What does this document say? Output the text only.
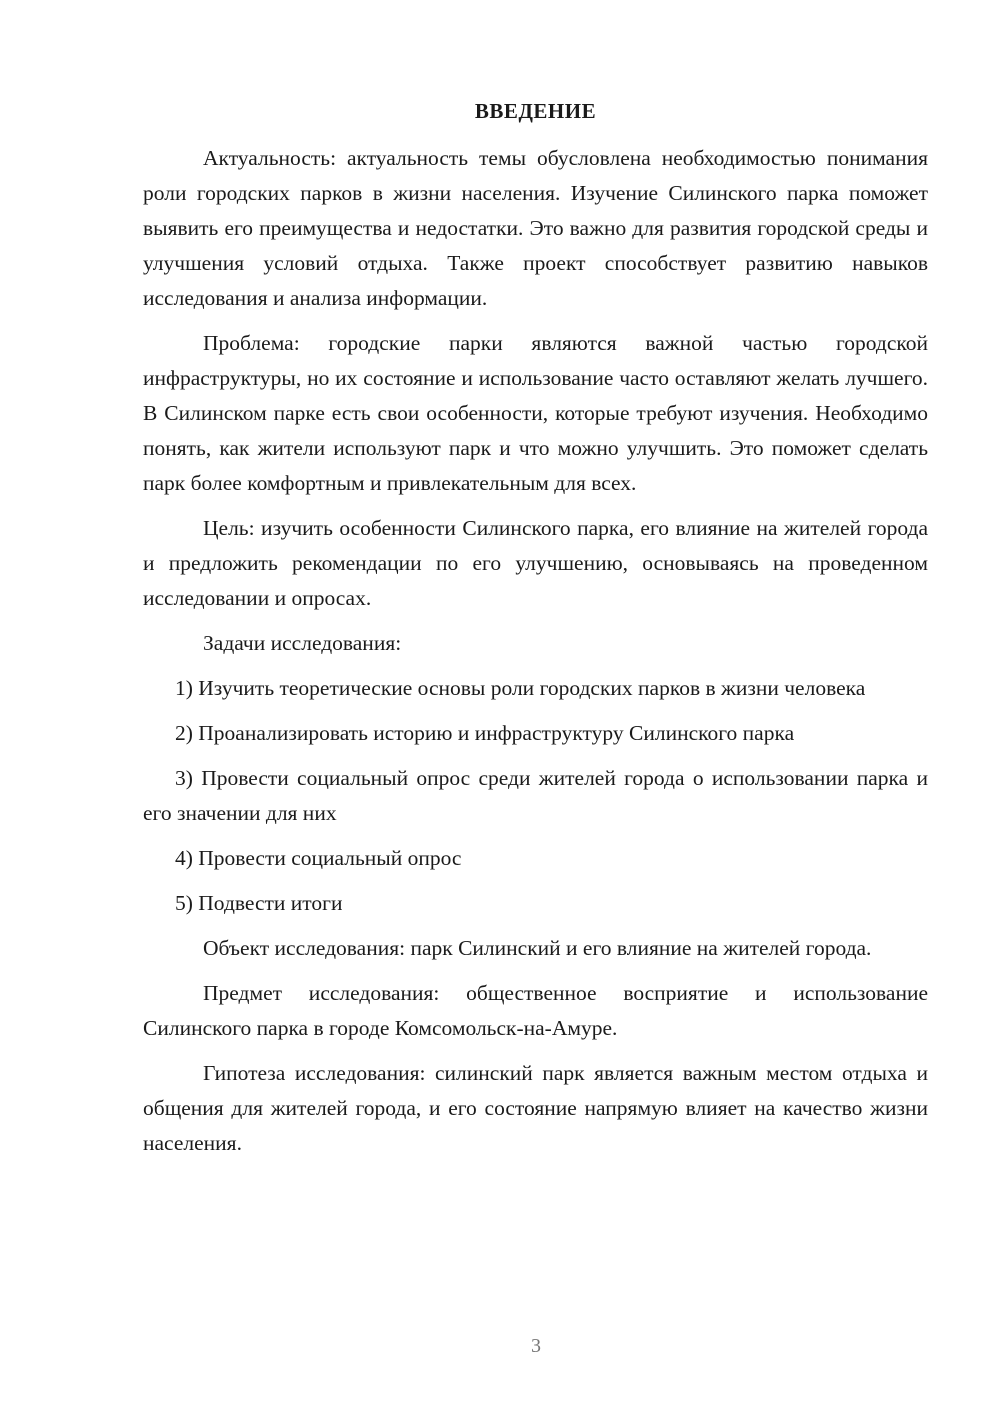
ВВЕДЕНИЕ

Актуальность: актуальность темы обусловлена необходимостью понимания роли городских парков в жизни населения. Изучение Силинского парка поможет выявить его преимущества и недостатки. Это важно для развития городской среды и улучшения условий отдыха. Также проект способствует развитию навыков исследования и анализа информации.

Проблема: городские парки являются важной частью городской инфраструктуры, но их состояние и использование часто оставляют желать лучшего. В Силинском парке есть свои особенности, которые требуют изучения. Необходимо понять, как жители используют парк и что можно улучшить. Это поможет сделать парк более комфортным и привлекательным для всех.

Цель: изучить особенности Силинского парка, его влияние на жителей города и предложить рекомендации по его улучшению, основываясь на проведенном исследовании и опросах.

Задачи исследования:

1) Изучить теоретические основы роли городских парков в жизни человека

2) Проанализировать историю и инфраструктуру Силинского парка

3) Провести социальный опрос среди жителей города о использовании парка и его значении для них

4) Провести социальный опрос

5) Подвести итоги

Объект исследования: парк Силинский и его влияние на жителей города.

Предмет исследования: общественное восприятие и использование Силинского парка в городе Комсомольск-на-Амуре.

Гипотеза исследования: силинский парк является важным местом отдыха и общения для жителей города, и его состояние напрямую влияет на качество жизни населения.

3
